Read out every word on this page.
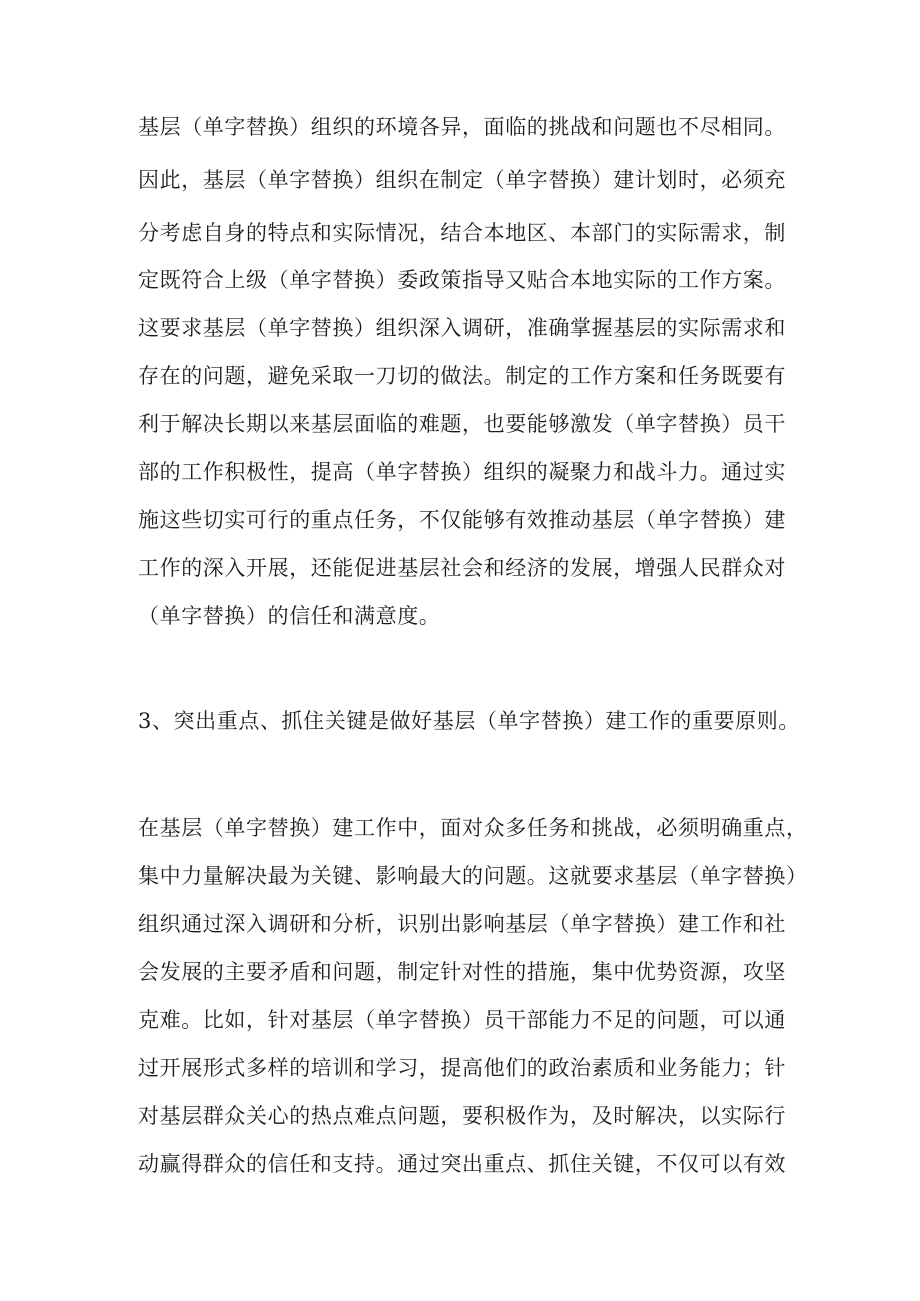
基层（单字替换）组织的环境各异，面临的挑战和问题也不尽相同。
因此，基层（单字替换）组织在制定（单字替换）建计划时，必须充
分考虑自身的特点和实际情况，结合本地区、本部门的实际需求，制
定既符合上级（单字替换）委政策指导又贴合本地实际的工作方案。
这要求基层（单字替换）组织深入调研，准确掌握基层的实际需求和
存在的问题，避免采取一刀切的做法。制定的工作方案和任务既要有
利于解决长期以来基层面临的难题，也要能够激发（单字替换）员干
部的工作积极性，提高（单字替换）组织的凝聚力和战斗力。通过实
施这些切实可行的重点任务，不仅能够有效推动基层（单字替换）建
工作的深入开展，还能促进基层社会和经济的发展，增强人民群众对
（单字替换）的信任和满意度。
3、突出重点、抓住关键是做好基层（单字替换）建工作的重要原则。
在基层（单字替换）建工作中，面对众多任务和挑战，必须明确重点，
集中力量解决最为关键、影响最大的问题。这就要求基层（单字替换）
组织通过深入调研和分析，识别出影响基层（单字替换）建工作和社
会发展的主要矛盾和问题，制定针对性的措施，集中优势资源，攻坚
克难。比如，针对基层（单字替换）员干部能力不足的问题，可以通
过开展形式多样的培训和学习，提高他们的政治素质和业务能力；针
对基层群众关心的热点难点问题，要积极作为，及时解决，以实际行
动赢得群众的信任和支持。通过突出重点、抓住关键，不仅可以有效
